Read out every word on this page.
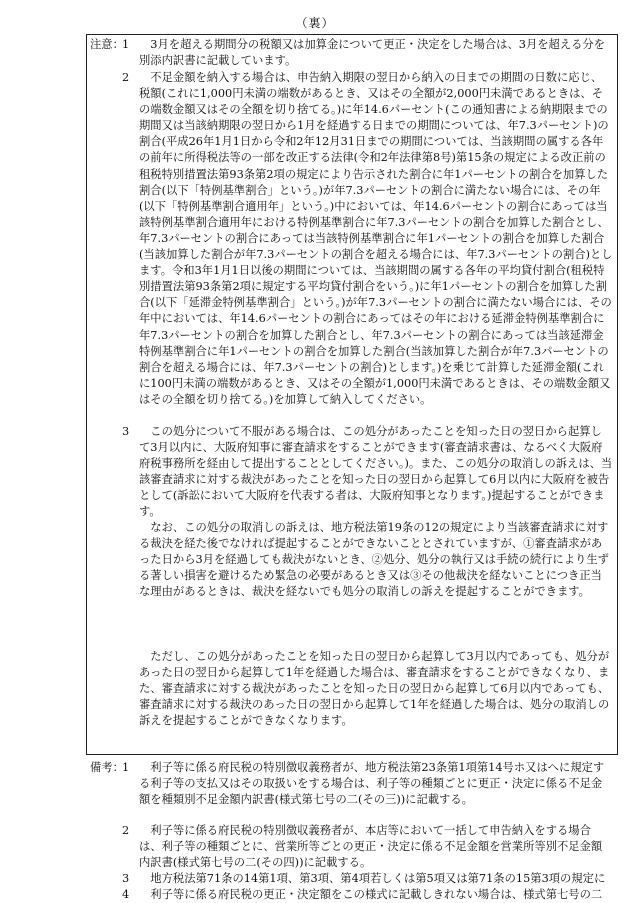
（裏）
注意：
1	3月を超える期間分の税額又は加算金について更正・決定をした場合は、3月を超える分を別添内訳書に記載しています。
2	不足金額を納入する場合は、申告納入期限の翌日から納入の日までの期間の日数に応じ、税額(これに1,000円未満の端数があるとき、又はその全額が2,000円未満であるときは、その端数金額又はその全額を切り捨てる。)に年14.6パーセント(この通知書による納期限までの期間又は当該納期限の翌日から1月を経過する日までの期間については、年7.3パーセント)の割合(平成26年1月1日から令和2年12月31日までの期間については、当該期間の属する各年の前年に所得税法等の一部を改正する法律(令和2年法律第8号)第15条の規定による改正前の租税特別措置法第93条第2項の規定により告示された割合に年1パーセントの割合を加算した割合(以下「特例基準割合」という。)が年7.3パーセントの割合に満たない場合には、その年(以下「特例基準割合適用年」という。)中においては、年14.6パーセントの割合にあっては当該特例基準割合適用年における特例基準割合に年7.3パーセントの割合を加算した割合とし、年7.3パーセントの割合にあっては当該特例基準割合に年1パーセントの割合を加算した割合(当該加算した割合が年7.3パーセントの割合を超える場合には、年7.3パーセントの割合)とします。令和3年1月1日以後の期間については、当該期間の属する各年の平均貸付割合(租税特別措置法第93条第2項に規定する平均貸付割合をいう。)に年1パーセントの割合を加算した割合(以下「延滞金特例基準割合」という。)が年7.3パーセントの割合に満たない場合には、その年中においては、年14.6パーセントの割合にあってはその年における延滞金特例基準割合に年7.3パーセントの割合を加算した割合とし、年7.3パーセントの割合にあっては当該延滞金特例基準割合に年1パーセントの割合を加算した割合(当該加算した割合が年7.3パーセントの割合を超える場合には、年7.3パーセントの割合)とします。)を乗じて計算した延滞金額(これに100円未満の端数があるとき、又はその全額が1,000円未満であるときは、その端数金額又はその全額を切り捨てる。)を加算して納入してください。
3	この処分について不服がある場合は、この処分があったことを知った日の翌日から起算して3月以内に、大阪府知事に審査請求をすることができます(審査請求書は、なるべく大阪府　　府税事務所を経由して提出することとしてください。)。また、この処分の取消しの訴えは、当該審査請求に対する裁決があったことを知った日の翌日から起算して6月以内に大阪府を被告として(訴訟において大阪府を代表する者は、大阪府知事となります。)提起することができます。
なお、この処分の取消しの訴えは、地方税法第19条の12の規定により当該審査請求に対する裁決を経た後でなければ提起することができないこととされていますが、①審査請求があった日から3月を経過しても裁決がないとき、②処分、処分の執行又は手続の続行により生ずる著しい損害を避けるため緊急の必要があるとき又は③その他裁決を経ないことにつき正当な理由があるときは、裁決を経ないでも処分の取消しの訴えを提起することができます。
ただし、この処分があったことを知った日の翌日から起算して3月以内であっても、処分があった日の翌日から起算して1年を経過した場合は、審査請求をすることができなくなり、また、審査請求に対する裁決があったことを知った日の翌日から起算して6月以内であっても、審査請求に対する裁決のあった日の翌日から起算して1年を経過した場合は、処分の取消しの訴えを提起することができなくなります。
備考：
1	利子等に係る府民税の特別徴収義務者が、地方税法第23条第1項第14号ホ又はへに規定する利子等の支払又はその取扱いをする場合は、利子等の種類ごとに更正・決定に係る不足金額を種類別不足金額内訳書(様式第七号の二(その三))に記載する。
2	利子等に係る府民税の特別徴収義務者が、本店等において一括して申告納入をする場合は、利子等の種類ごとに、営業所等ごとの更正・決定に係る不足金額を営業所等別不足金額内訳書(様式第七号の二(その四))に記載する。
3	地方税法第71条の14第1項、第3項、第4項若しくは第5項又は第71条の15第3項の規定に
4	利子等に係る府民税の更正・決定額をこの様式に記載しきれない場合は、様式第七号の二
